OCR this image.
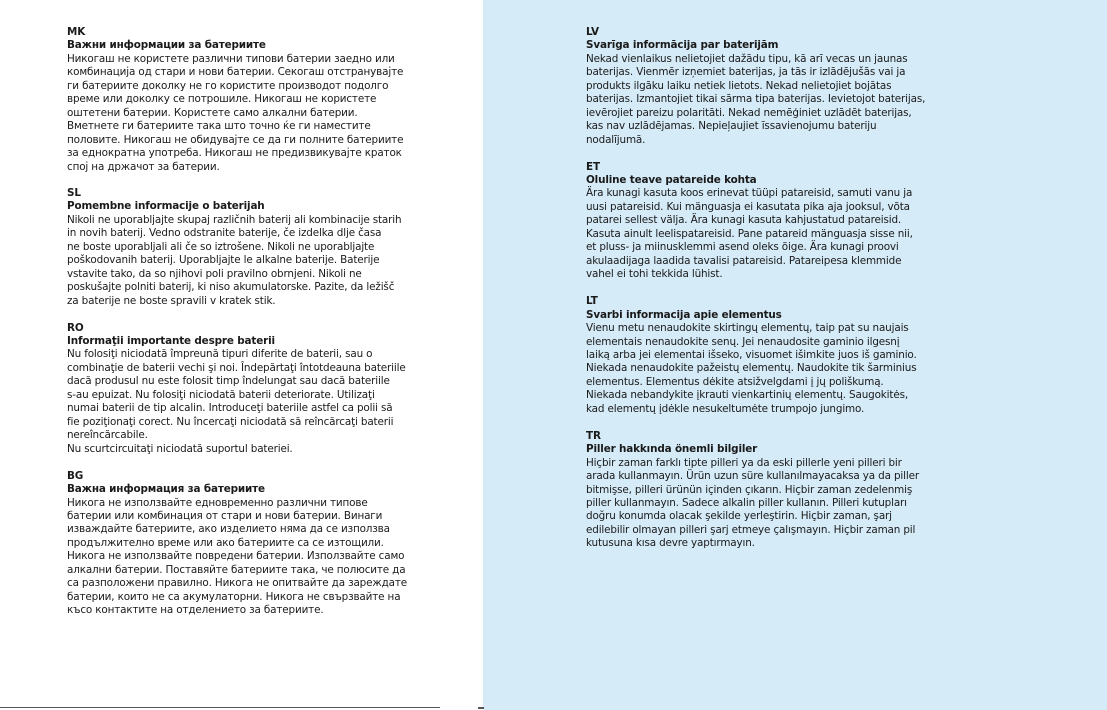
MK

Важни информации за батериите

Никогаш не користете различни типови батерии заедно или
комбинација од стари и нови батерии. Секогаш отстранувајте
ги батериите доколку не го користите производот подолго
време или доколку се потрошиле. Никогаш не користете
оштетени батерии. Користете само алкални батерии.
Вметнете ги батериите така што точно ќе ги наместите
половите. Никогаш не обидувајте се да ги полните батериите
за еднократна употреба. Никогаш не предизвикувајте краток
спој на држачот за батерии.

SL

Pomembne informacije o baterijah

Nikoli ne uporabljajte skupaj različnih baterij ali kombinacije starih
in novih baterij. Vedno odstranite baterije, če izdelka dlje časa
ne boste uporabljali ali če so iztrošene. Nikoli ne uporabljajte
poškodovanih baterij. Uporabljajte le alkalne baterije. Baterije
vstavite tako, da so njihovi poli pravilno obrnjeni. Nikoli ne
poskušajte polniti baterij, ki niso akumulatorske. Pazite, da ležišč
za baterije ne boste spravili v kratek stik.

RO

Informaţii importante despre baterii

Nu folosiţi niciodată împreună tipuri diferite de baterii, sau o
combinaţie de baterii vechi şi noi. Îndepărtaţi întotdeauna bateriile
dacă produsul nu este folosit timp îndelungat sau dacă bateriile
s-au epuizat. Nu folosiţi niciodată baterii deteriorate. Utilizaţi
numai baterii de tip alcalin. Introduceţi bateriile astfel ca polii să
fie poziţionaţi corect. Nu încercaţi niciodată să reîncărcaţi baterii
nereîncărcabile.
Nu scurtcircuitaţi niciodată suportul bateriei.

BG

Важна информация за батериите

Никога не използвайте едновременно различни типове
батерии или комбинация от стари и нови батерии. Винаги
изваждайте батериите, ако изделието няма да се използва
продължително време или ако батериите са се изтощили.
Никога не използвайте повредени батерии. Използвайте само
алкални батерии. Поставяйте батериите така, че полюсите да
са разположени правилно. Никога не опитвайте да зареждате
батерии, които не са акумулаторни. Никога не свързвайте на
късо контактите на отделението за батериите.

LV

Svarīga informācija par baterijām

Nekad vienlaikus nelietojiet dažādu tipu, kā arī vecas un jaunas
baterijas. Vienmēr izņemiet baterijas, ja tās ir izlādējušās vai ja
produkts ilgāku laiku netiek lietots. Nekad nelietojiet bojātas
baterijas. Izmantojiet tikai sārma tipa baterijas. Ievietojot baterijas,
ievērojiet pareizu polaritāti. Nekad nemēģiniet uzlādēt baterijas,
kas nav uzlādējamas. Nepieļaujiet īssavienojumu bateriju
nodalījumā.

ET

Oluline teave patareide kohta

Ära kunagi kasuta koos erinevat tüüpi patareisid, samuti vanu ja
uusi patareisid. Kui mänguasja ei kasutata pika aja jooksul, võta
patarei sellest välja. Ära kunagi kasuta kahjustatud patareisid.
Kasuta ainult leelispatareisid. Pane patareid mänguasja sisse nii,
et pluss- ja miinusklemmi asend oleks õige. Ära kunagi proovi
akulaadijaga laadida tavalisi patareisid. Patareipesa klemmide
vahel ei tohi tekkida lühist.

LT

Svarbi informacija apie elementus

Vienu metu nenaudokite skirtingų elementų, taip pat su naujais
elementais nenaudokite senų. Jei nenaudosite gaminio ilgesnį
laiką arba jei elementai išseko, visuomet išimkite juos iš gaminio.
Niekada nenaudokite pažeistų elementų. Naudokite tik šarminius
elementus. Elementus dėkite atsižvelgdami į jų poliškumą.
Niekada nebandykite įkrauti vienkartinių elementų. Saugokitės,
kad elementų įdėkle nesukeltumėte trumpojo jungimo.

TR

Piller hakkında önemli bilgiler

Hiçbir zaman farklı tipte pilleri ya da eski pillerle yeni pilleri bir
arada kullanmayın. Ürün uzun süre kullanılmayacaksa ya da piller
bitmişse, pilleri ürünün içinden çıkarın. Hiçbir zaman zedelenmiş
piller kullanmayın. Sadece alkalin piller kullanın. Pilleri kutupları
doğru konumda olacak şekilde yerleştirin. Hiçbir zaman, şarj
edilebilir olmayan pilleri şarj etmeye çalışmayın. Hiçbir zaman pil
kutusuna kısa devre yaptırmayın.
